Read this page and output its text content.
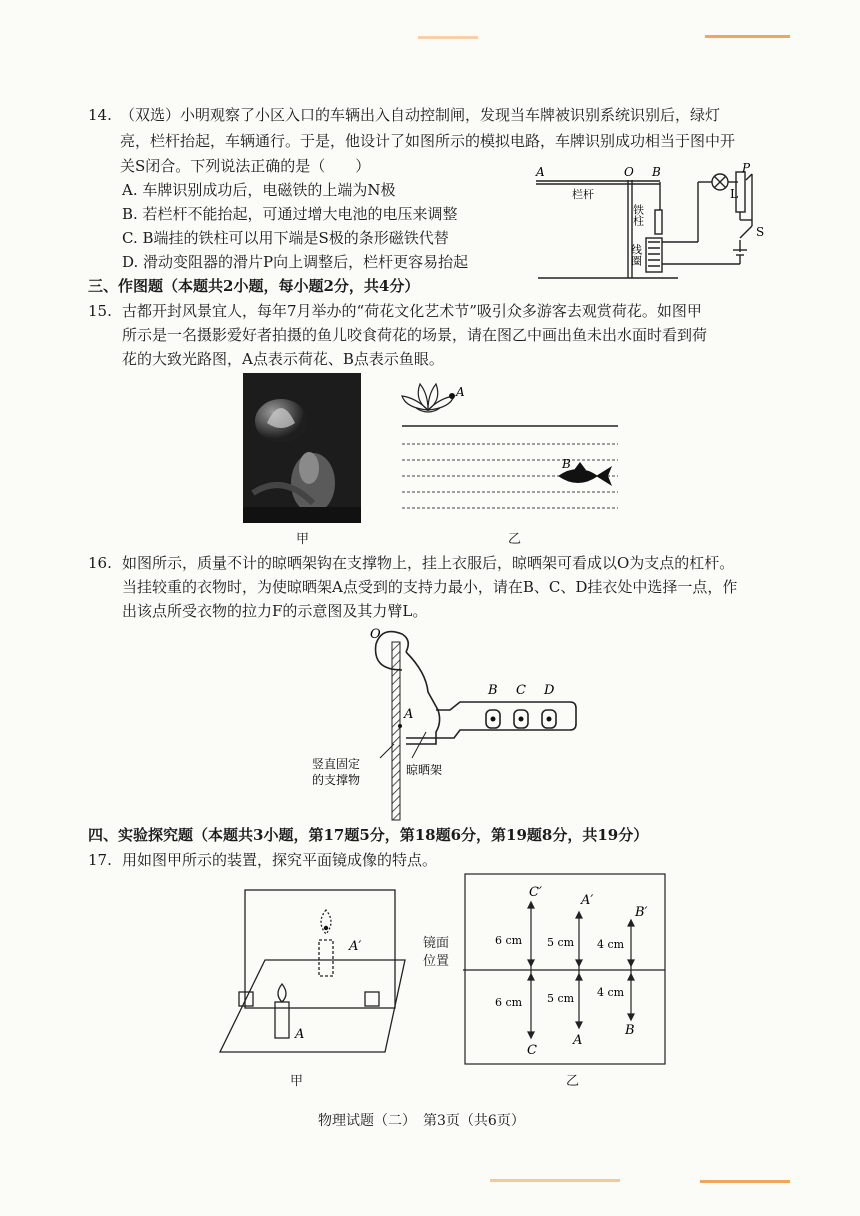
14. （双选）小明观察了小区入口的车辆出入自动控制闸，发现当车牌被识别系统识别后，绿灯
亮，栏杆抬起，车辆通行。于是，他设计了如图所示的模拟电路，车牌识别成功相当于图中开
关S闭合。下列说法正确的是（　　）
A. 车牌识别成功后，电磁铁的上端为N极
B. 若栏杆不能抬起，可通过增大电池的电压来调整
C. B端挂的铁柱可以用下端是S极的条形磁铁代替
D. 滑动变阻器的滑片P向上调整后，栏杆更容易抬起
A	O B	P
L
S
栏杆
铁柱
线圈
三、作图题（本题共2小题，每小题2分，共4分）
15. 古都开封风景宜人，每年7月举办的“荷花文化艺术节”吸引众多游客去观赏荷花。如图甲
所示是一名摄影爱好者拍摄的鱼儿咬食荷花的场景，请在图乙中画出鱼未出水面时看到荷
花的大致光路图，A点表示荷花、B点表示鱼眼。
甲
A
B
乙
16. 如图所示，质量不计的晾晒架钩在支撑物上，挂上衣服后，晾晒架可看成以O为支点的杠杆。
当挂较重的衣物时，为使晾晒架A点受到的支持力最小，请在B、C、D挂衣处中选择一点，作
出该点所受衣物的拉力F的示意图及其力臂L。
O
A
B C D
竖直固定
的支撑物
晾晒架
四、实验探究题（本题共3小题，第17题5分，第18题6分，第19题8分，共19分）
17. 用如图甲所示的装置，探究平面镜成像的特点。
A′
A
甲
镜面
位置
C′
A′
B′
C
A
B
6 cm 5 cm 4 cm
6 cm 5 cm 4 cm
乙
物理试题（二）　第3页（共6页）
